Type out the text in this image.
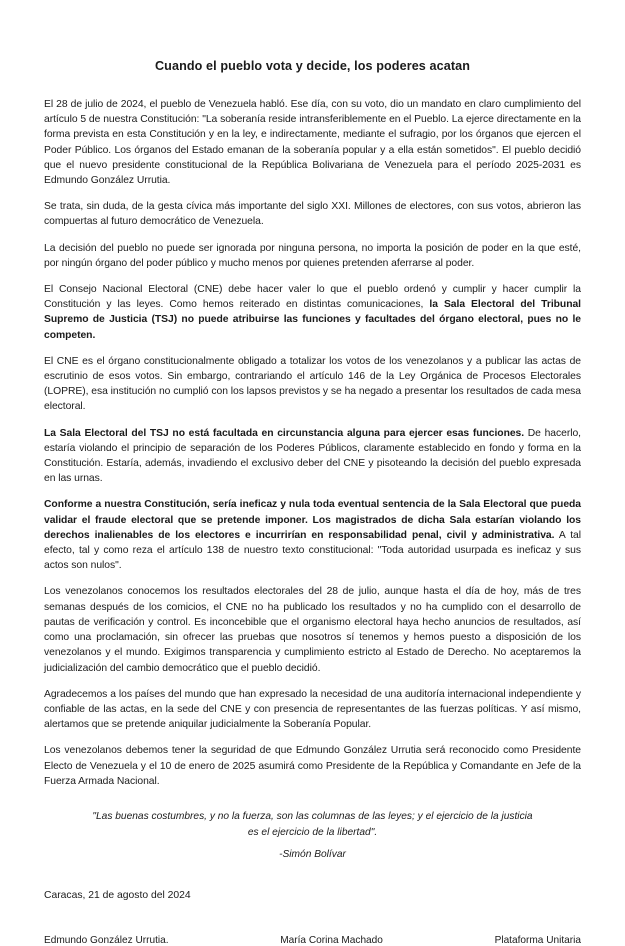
Cuando el pueblo vota y decide, los poderes acatan

El 28 de julio de 2024, el pueblo de Venezuela habló. Ese día, con su voto, dio un mandato en claro cumplimiento del artículo 5 de nuestra Constitución: "La soberanía reside intransferiblemente en el Pueblo. La ejerce directamente en la forma prevista en esta Constitución y en la ley, e indirectamente, mediante el sufragio, por los órganos que ejercen el Poder Público. Los órganos del Estado emanan de la soberanía popular y a ella están sometidos". El pueblo decidió que el nuevo presidente constitucional de la República Bolivariana de Venezuela para el período 2025-2031 es Edmundo González Urrutia.

Se trata, sin duda, de la gesta cívica más importante del siglo XXI. Millones de electores, con sus votos, abrieron las compuertas al futuro democrático de Venezuela.

La decisión del pueblo no puede ser ignorada por ninguna persona, no importa la posición de poder en la que esté, por ningún órgano del poder público y mucho menos por quienes pretenden aferrarse al poder.

El Consejo Nacional Electoral (CNE) debe hacer valer lo que el pueblo ordenó y cumplir y hacer cumplir la Constitución y las leyes. Como hemos reiterado en distintas comunicaciones, la Sala Electoral del Tribunal Supremo de Justicia (TSJ) no puede atribuirse las funciones y facultades del órgano electoral, pues no le competen.

El CNE es el órgano constitucionalmente obligado a totalizar los votos de los venezolanos y a publicar las actas de escrutinio de esos votos. Sin embargo, contrariando el artículo 146 de la Ley Orgánica de Procesos Electorales (LOPRE), esa institución no cumplió con los lapsos previstos y se ha negado a presentar los resultados de cada mesa electoral.

La Sala Electoral del TSJ no está facultada en circunstancia alguna para ejercer esas funciones. De hacerlo, estaría violando el principio de separación de los Poderes Públicos, claramente establecido en fondo y forma en la Constitución. Estaría, además, invadiendo el exclusivo deber del CNE y pisoteando la decisión del pueblo expresada en las urnas.

Conforme a nuestra Constitución, sería ineficaz y nula toda eventual sentencia de la Sala Electoral que pueda validar el fraude electoral que se pretende imponer. Los magistrados de dicha Sala estarían violando los derechos inalienables de los electores e incurrirían en responsabilidad penal, civil y administrativa. A tal efecto, tal y como reza el artículo 138 de nuestro texto constitucional: "Toda autoridad usurpada es ineficaz y sus actos son nulos".

Los venezolanos conocemos los resultados electorales del 28 de julio, aunque hasta el día de hoy, más de tres semanas después de los comicios, el CNE no ha publicado los resultados y no ha cumplido con el desarrollo de pautas de verificación y control. Es inconcebible que el organismo electoral haya hecho anuncios de resultados, así como una proclamación, sin ofrecer las pruebas que nosotros sí tenemos y hemos puesto a disposición de los venezolanos y el mundo. Exigimos transparencia y cumplimiento estricto al Estado de Derecho. No aceptaremos la judicialización del cambio democrático que el pueblo decidió.

Agradecemos a los países del mundo que han expresado la necesidad de una auditoría internacional independiente y confiable de las actas, en la sede del CNE y con presencia de representantes de las fuerzas políticas. Y así mismo, alertamos que se pretende aniquilar judicialmente la Soberanía Popular.

Los venezolanos debemos tener la seguridad de que Edmundo González Urrutia será reconocido como Presidente Electo de Venezuela y el 10 de enero de 2025 asumirá como Presidente de la República y Comandante en Jefe de la Fuerza Armada Nacional.

"Las buenas costumbres, y no la fuerza, son las columnas de las leyes; y el ejercicio de la justicia
es el ejercicio de la libertad".
-Simón Bolívar

Caracas, 21 de agosto del 2024

Edmundo González Urrutia.	María Corina Machado	Plataforma Unitaria
